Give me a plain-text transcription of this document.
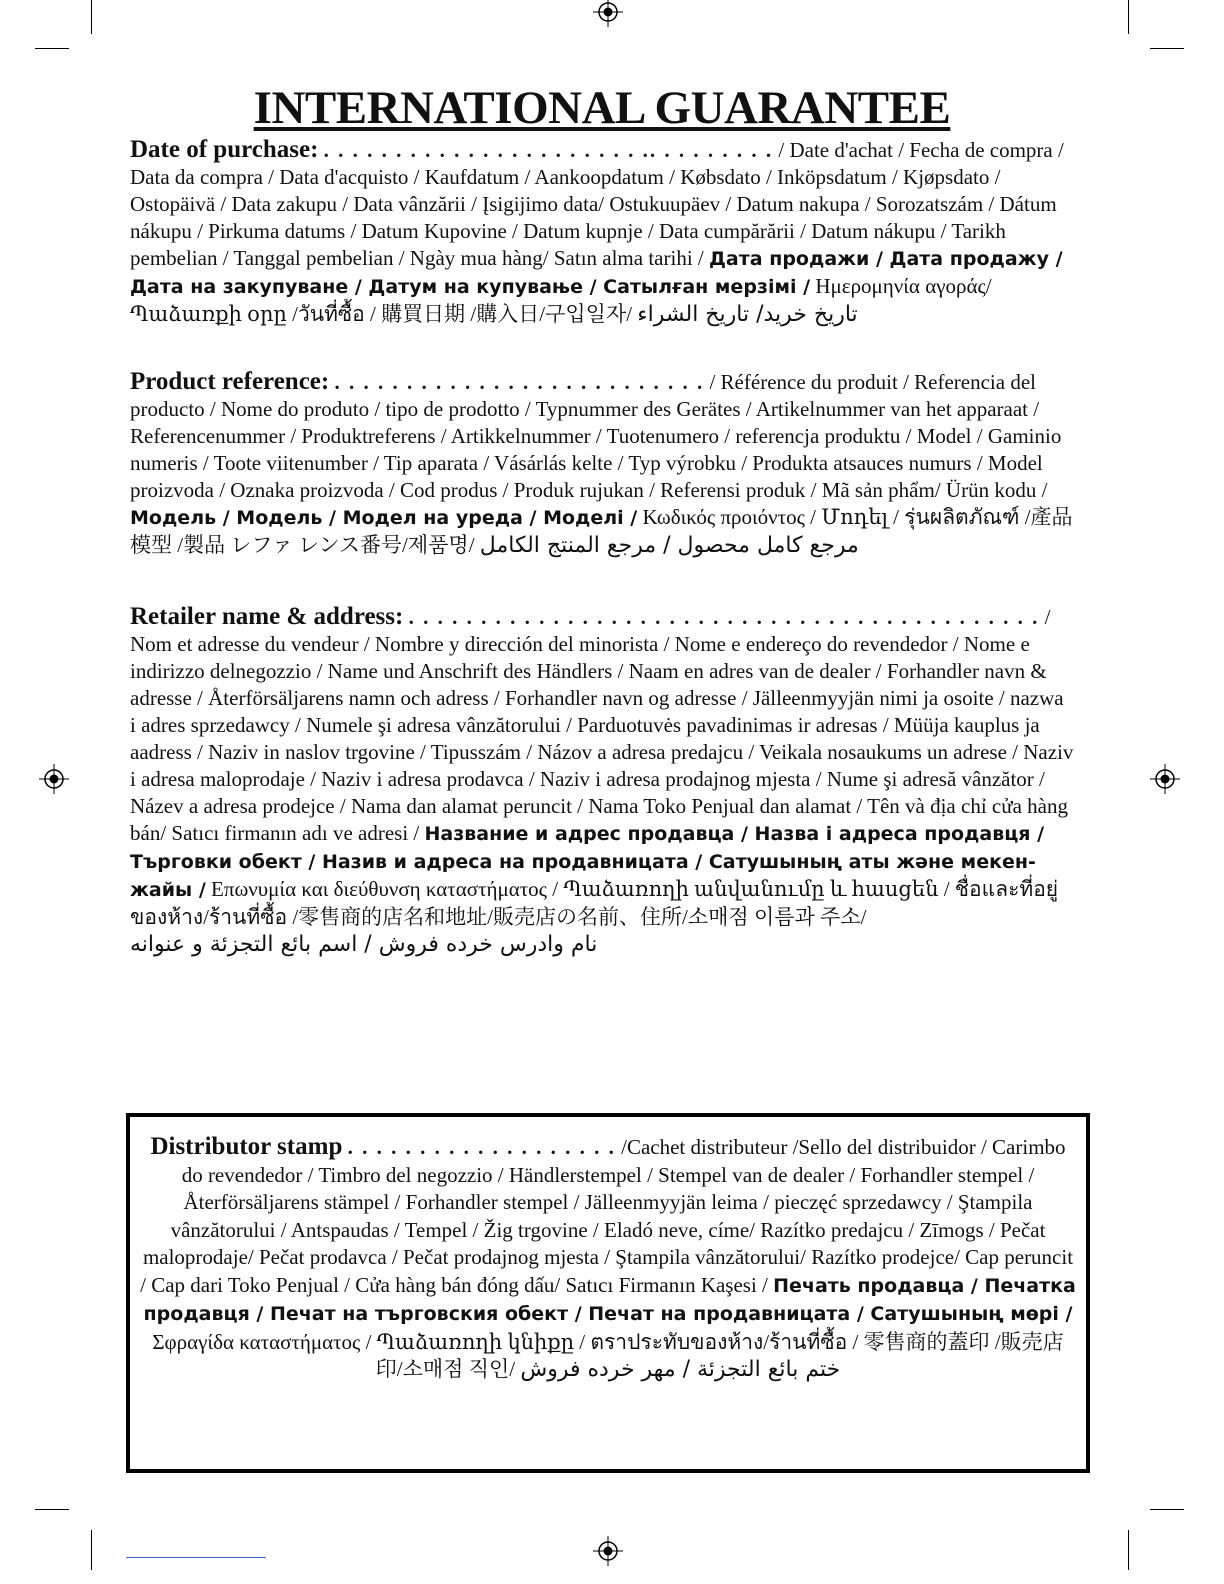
INTERNATIONAL GUARANTEE

Date of purchase: . . . . . . . . . . . . . . . . . . . . . . .. . . . . . . . . / Date d'achat / Fecha de compra / Data da compra / Data d'acquisto / Kaufdatum / Aankoopdatum / Købsdato / Inköpsdatum / Kjøpsdato / Ostopäivä / Data zakupu / Data vânzării / Įsigijimo data/ Ostukuupäev / Datum nakupa / Sorozatszám / Dátum nákupu / Pirkuma datums / Datum Kupovine / Datum kupnje / Data cumpărării / Datum nákupu / Tarikh pembelian / Tanggal pembelian / Ngày mua hàng/ Satın alma tarihi / Дата продажи / Дата продажу / Дата на закупуване / Датум на купување / Сатылған мерзімі / Ημερομηνία αγοράς/ Պաձառքի օրը /วันที่ซื้อ / 購買日期 /購入日/구입일자/ تاریخ خرید/ تاريخ الشراء

Product reference: . . . . . . . . . . . . . . . . . . . . . . . . . . / Référence du produit / Referencia del producto / Nome do produto / tipo de prodotto / Typnummer des Gerätes / Artikelnummer van het apparaat / Referencenummer / Produktreferens / Artikkelnummer / Tuotenumero / referencja produktu / Model / Gaminio numeris / Toote viitenumber / Tip aparata / Vásárlás kelte / Typ výrobku / Produkta atsauces numurs / Model proizvoda / Oznaka proizvoda / Cod produs / Produk rujukan / Referensi produk / Mã sản phẩm/ Ürün kodu / Модель / Модель / Модел на уреда / Моделі / Κωδικός προιόντος / Մոդել / รุ่นผลิตภัณฑ์ /產品模型 /製品 レファ レンス番号/제품명/ مرجع کامل محصول / مرجع المنتج الكامل

Retailer name & address: . . . . . . . . . . . . . . . . . . . . . . . . . . . . . . . . . . . . . . . . . . . . / Nom et adresse du vendeur / Nombre y dirección del minorista / Nome e endereço do revendedor / Nome e indirizzo delnegozzio / Name und Anschrift des Händlers / Naam en adres van de dealer / Forhandler navn & adresse / Återförsäljarens namn och adress / Forhandler navn og adresse / Jälleenmyyjän nimi ja osoite / nazwa i adres sprzedawcy / Numele şi adresa vânzătorului / Parduotuvės pavadinimas ir adresas / Müüja kauplus ja aadress / Naziv in naslov trgovine / Tipusszám / Názov a adresa predajcu / Veikala nosaukums un adrese / Naziv i adresa maloprodaje / Naziv i adresa prodavca / Naziv i adresa prodajnog mjesta / Nume şi adresă vânzător / Název a adresa prodejce / Nama dan alamat peruncit / Nama Toko Penjual dan alamat / Tên và địa chỉ cửa hàng bán/ Satıcı firmanın adı ve adresi / Название и адрес продавца / Назва і адреса продавця / Търговки обект / Назив и адреса на продавницата / Сатушының аты және мекен-жайы / Επωνυμία και διεύθυνση καταστήματος / Պաձառողի անվանումը և հասցեն / ชื่อและที่อยู่ของห้าง/ร้านที่ซื้อ /零售商的店名和地址/販売店の名前、住所/소매점 이름과 주소/ نام وادرس خرده فروش / اسم بائع التجزئة و عنوانه

Distributor stamp . . . . . . . . . . . . . . . . . . . /Cachet distributeur /Sello del distribuidor / Carimbo do revendedor / Timbro del negozzio / Händlerstempel / Stempel van de dealer / Forhandler stempel / Återförsäljarens stämpel / Forhandler stempel / Jälleenmyyjän leima / pieczęć sprzedawcy / Ştampila vânzătorului / Antspaudas / Tempel / Žig trgovine / Eladó neve, címe/ Razítko predajcu / Zīmogs / Pečat maloprodaje/ Pečat prodavca / Pečat prodajnog mjesta / Ştampila vânzătorului/ Razítko prodejce/ Cap peruncit / Cap dari Toko Penjual / Cửa hàng bán đóng dấu/ Satıcı Firmanın Kaşesi / Печать продавца / Печатка продавця / Печат на търговския обект / Печат на продавницата / Сатушының мөрі / Σφραγίδα καταστήματος / Պաձառողի կնիքը / ตราประทับของห้าง/ร้านที่ซื้อ / 零售商的蓋印 /販売店印/소매점 직인/ ختم بائع التجزئة / مهر خرده فروش
